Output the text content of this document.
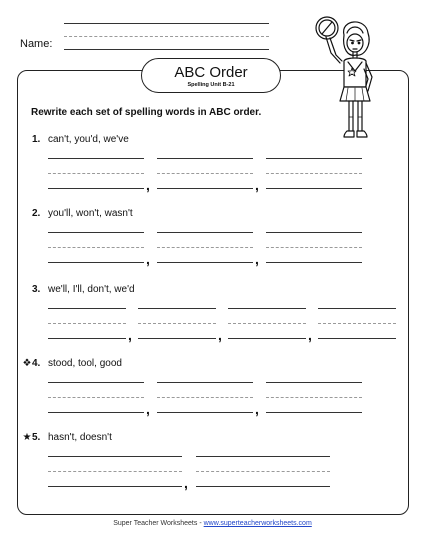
Name:
ABC Order
Spelling Unit B-21
Rewrite each set of spelling words in ABC order.
1. can't, you'd, we've
,	,
2. you'll, won't, wasn't
,	,
3. we'll, I'll, don't, we'd
,	,	,
❖4. stood, tool, good
,	,
★5. hasn't, doesn't
,
Super Teacher Worksheets - www.superteacherworksheets.com
